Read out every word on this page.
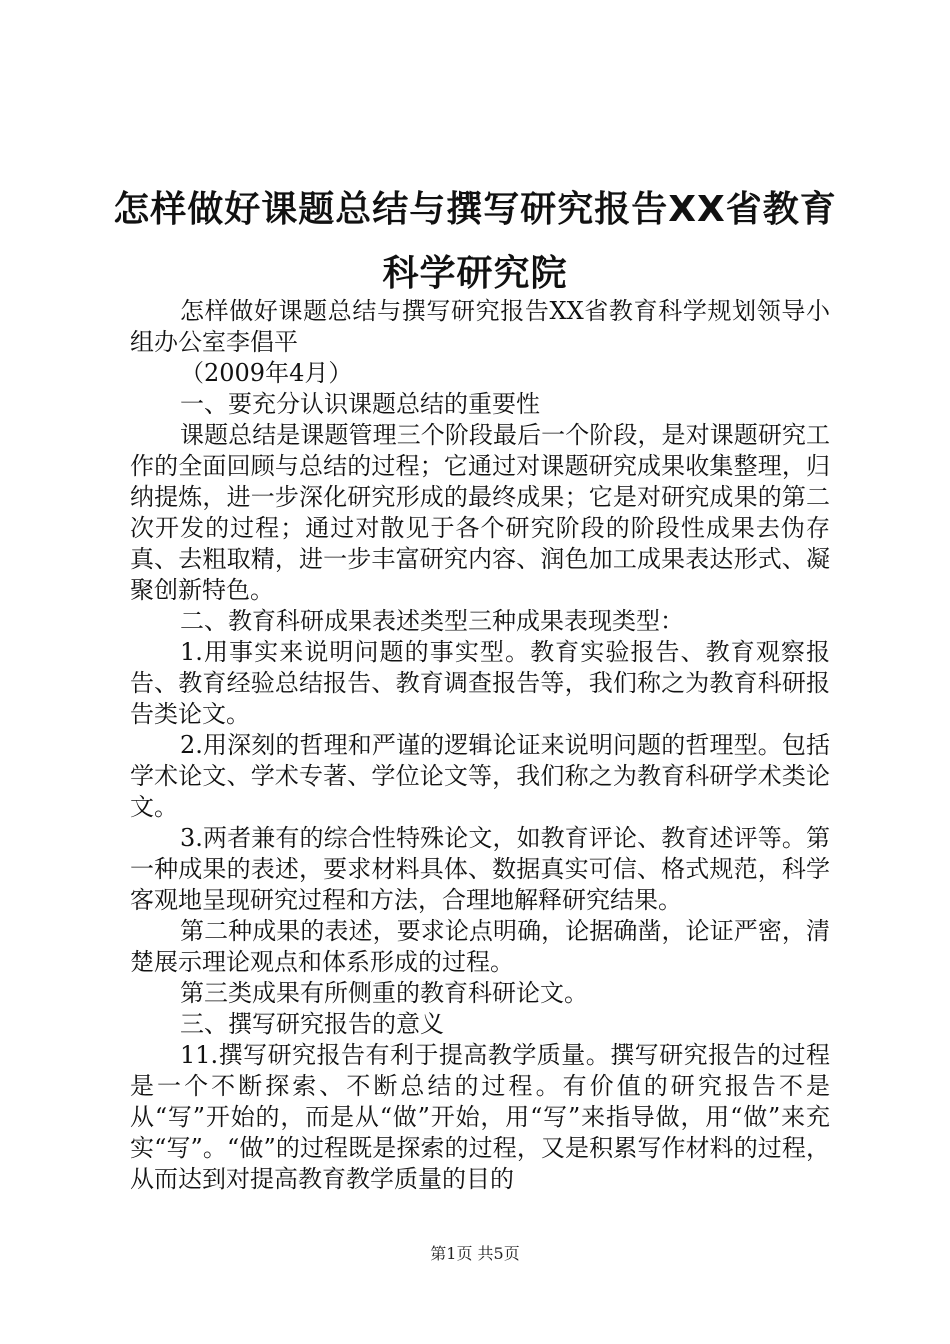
怎样做好课题总结与撰写研究报告XX省教育
科学研究院

怎样做好课题总结与撰写研究报告XX省教育科学规划领导小组办公室李倡平

（2009年4月）

一、要充分认识课题总结的重要性

课题总结是课题管理三个阶段最后一个阶段，是对课题研究工作的全面回顾与总结的过程；它通过对课题研究成果收集整理，归纳提炼，进一步深化研究形成的最终成果；它是对研究成果的第二次开发的过程；通过对散见于各个研究阶段的阶段性成果去伪存真、去粗取精，进一步丰富研究内容、润色加工成果表达形式、凝聚创新特色。

二、教育科研成果表述类型三种成果表现类型：

1.用事实来说明问题的事实型。教育实验报告、教育观察报告、教育经验总结报告、教育调查报告等，我们称之为教育科研报告类论文。

2.用深刻的哲理和严谨的逻辑论证来说明问题的哲理型。包括学术论文、学术专著、学位论文等，我们称之为教育科研学术类论文。

3.两者兼有的综合性特殊论文，如教育评论、教育述评等。第一种成果的表述，要求材料具体、数据真实可信、格式规范，科学客观地呈现研究过程和方法，合理地解释研究结果。

第二种成果的表述，要求论点明确，论据确凿，论证严密，清楚展示理论观点和体系形成的过程。

第三类成果有所侧重的教育科研论文。

三、撰写研究报告的意义

11.撰写研究报告有利于提高教学质量。撰写研究报告的过程是一个不断探索、不断总结的过程。有价值的研究报告不是从“写”开始的，而是从“做”开始，用“写”来指导做，用“做”来充实“写”。“做”的过程既是探索的过程，又是积累写作材料的过程，从而达到对提高教育教学质量的目的

第1页 共5页
